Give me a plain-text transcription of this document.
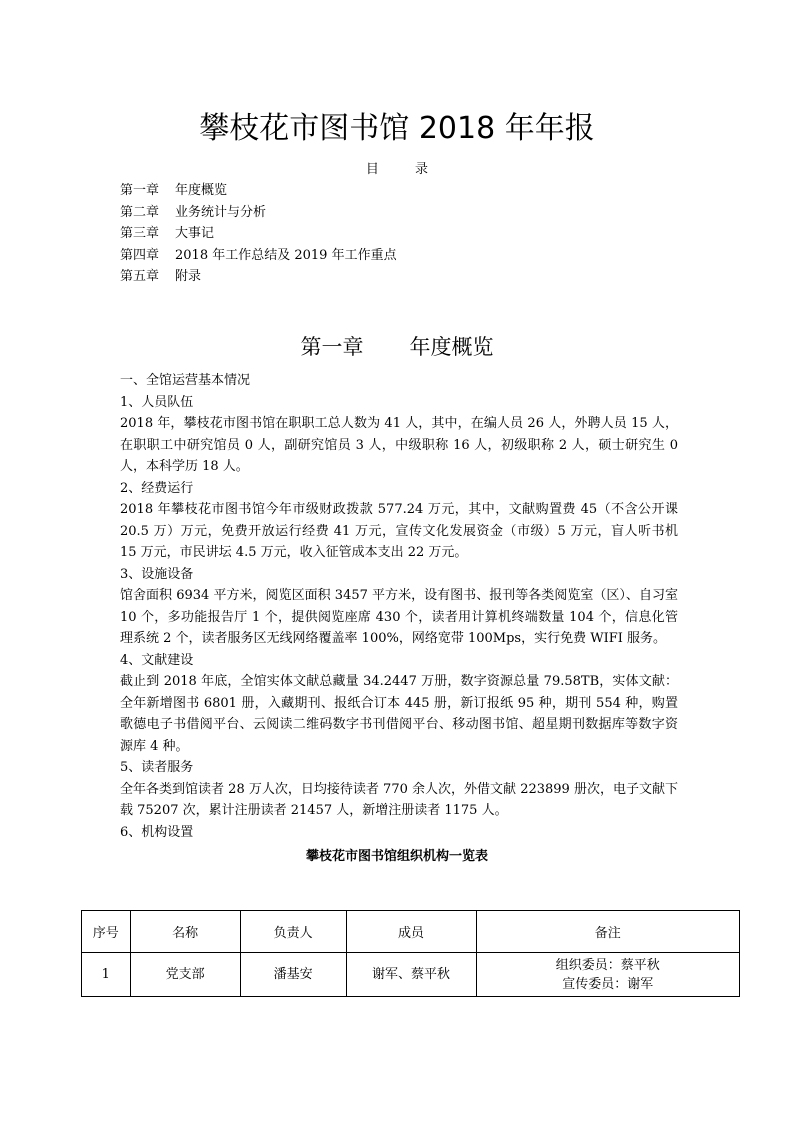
攀枝花市图书馆 2018 年年报
目 录
第一章 年度概览
第二章 业务统计与分析
第三章 大事记
第四章 2018 年工作总结及 2019 年工作重点
第五章 附录
第一章 年度概览

一、全馆运营基本情况

1、人员队伍

2018 年，攀枝花市图书馆在职职工总人数为 41 人，其中，在编人员 26 人，外聘人员 15 人，在职职工中研究馆员 0 人，副研究馆员 3 人，中级职称 16 人，初级职称 2 人，硕士研究生 0 人，本科学历 18 人。

2、经费运行

2018 年攀枝花市图书馆今年市级财政拨款 577.24 万元，其中，文献购置费 45（不含公开课 20.5 万）万元，免费开放运行经费 41 万元，宣传文化发展资金（市级）5 万元，盲人听书机 15 万元，市民讲坛 4.5 万元，收入征管成本支出 22 万元。

3、设施设备

馆舍面积 6934 平方米，阅览区面积 3457 平方米，设有图书、报刊等各类阅览室（区）、自习室 10 个，多功能报告厅 1 个，提供阅览座席 430 个，读者用计算机终端数量 104 个，信息化管理系统 2 个，读者服务区无线网络覆盖率 100%，网络宽带 100Mps，实行免费 WIFI 服务。

4、文献建设

截止到 2018 年底，全馆实体文献总藏量 34.2447 万册，数字资源总量 79.58TB，实体文献：全年新增图书 6801 册，入藏期刊、报纸合订本 445 册，新订报纸 95 种，期刊 554 种，购置歌德电子书借阅平台、云阅读二维码数字书刊借阅平台、移动图书馆、超星期刊数据库等数字资源库 4 种。

5、读者服务

全年各类到馆读者 28 万人次，日均接待读者 770 余人次，外借文献 223899 册次，电子文献下载 75207 次，累计注册读者 21457 人，新增注册读者 1175 人。

6、机构设置

攀枝花市图书馆组织机构一览表
序号	名称	负责人	成员	备注
1	党支部	潘基安	谢军、蔡平秋	组织委员：蔡平秋
宣传委员：谢军
